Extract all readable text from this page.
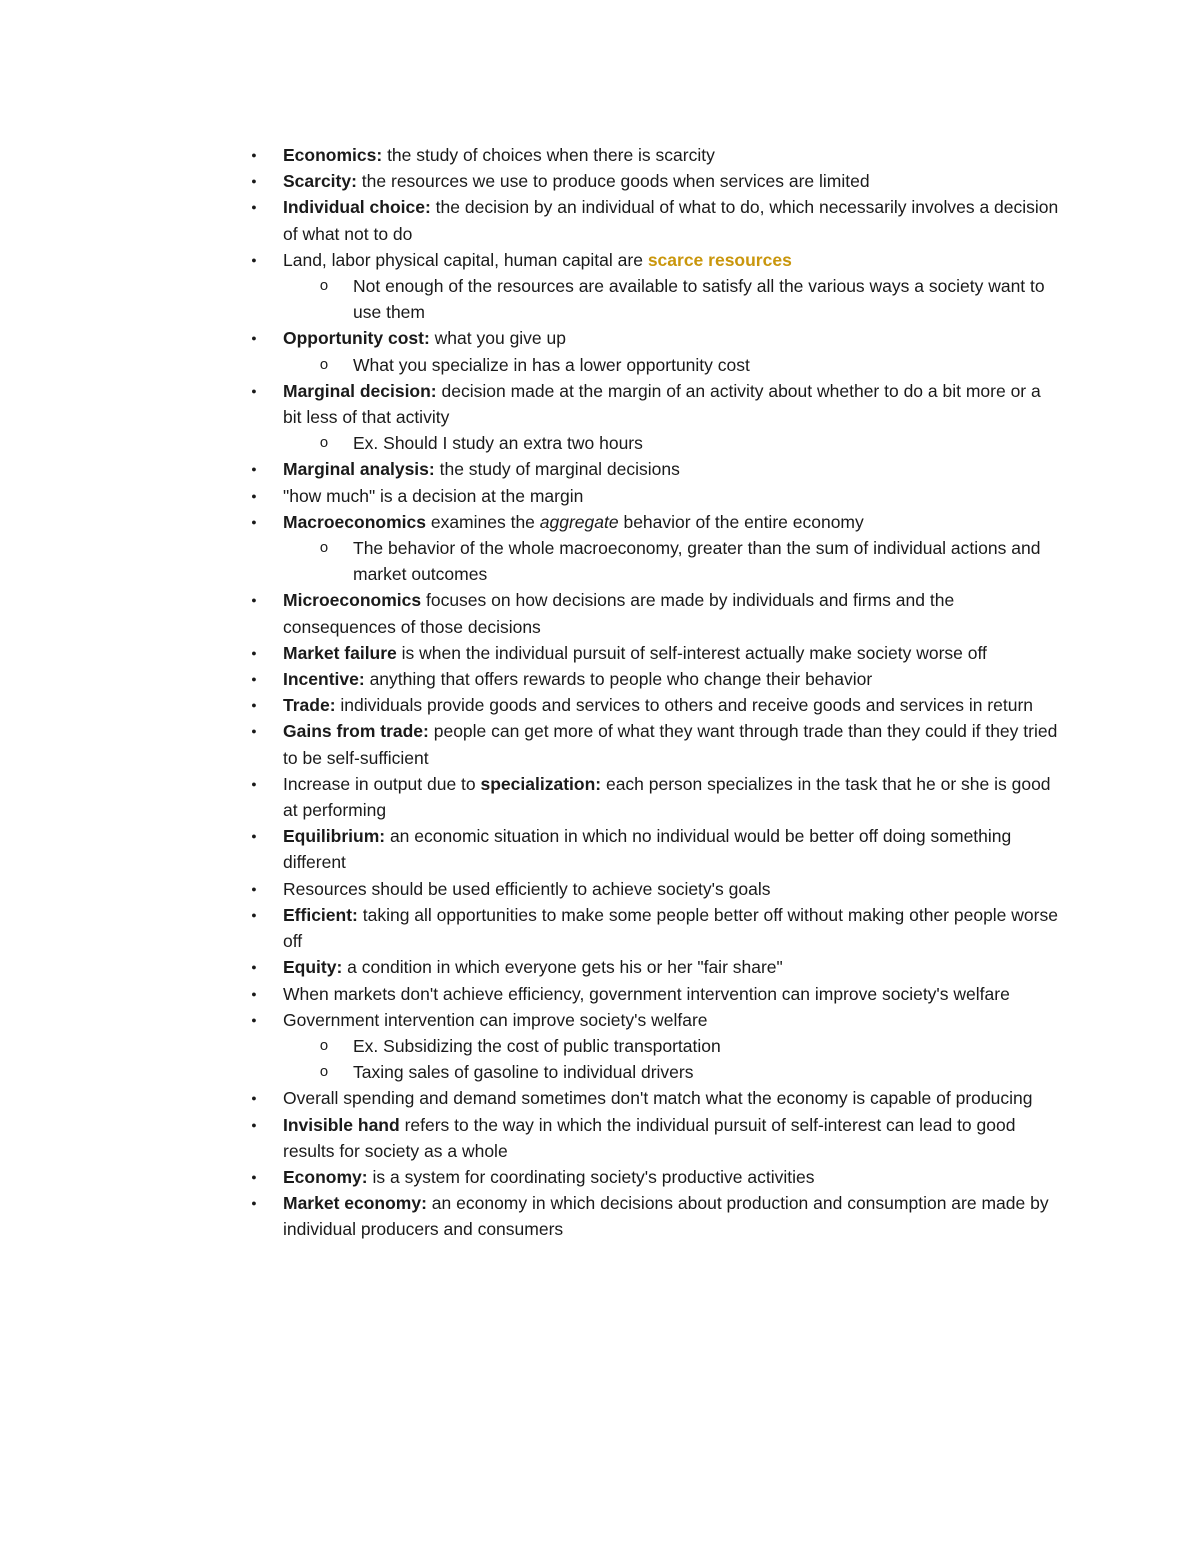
●
Economics: the study of choices when there is scarcity
●
Scarcity: the resources we use to produce goods when services are limited
●
Individual choice: the decision by an individual of what to do, which necessarily involves a decision of what not to do
●
Land, labor physical capital, human capital are scarce resources
o
Not enough of the resources are available to satisfy all the various ways a society want to use them
●
Opportunity cost: what you give up
o
What you specialize in has a lower opportunity cost
●
Marginal decision: decision made at the margin of an activity about whether to do a bit more or a bit less of that activity
o
Ex. Should I study an extra two hours
●
Marginal analysis: the study of marginal decisions
●
"how much" is a decision at the margin
●
Macroeconomics examines the aggregate behavior of the entire economy
o
The behavior of the whole macroeconomy, greater than the sum of individual actions and market outcomes
●
Microeconomics focuses on how decisions are made by individuals and firms and the consequences of those decisions
●
Market failure is when the individual pursuit of self-interest actually make society worse off
●
Incentive: anything that offers rewards to people who change their behavior
●
Trade: individuals provide goods and services to others and receive goods and services in return
●
Gains from trade: people can get more of what they want through trade than they could if they tried to be self-sufficient
●
Increase in output due to specialization: each person specializes in the task that he or she is good at performing
●
Equilibrium: an economic situation in which no individual would be better off doing something different
●
Resources should be used efficiently to achieve society's goals
●
Efficient: taking all opportunities to make some people better off without making other people worse off
●
Equity: a condition in which everyone gets his or her "fair share"
●
When markets don't achieve efficiency, government intervention can improve society's welfare
●
Government intervention can improve society's welfare
o
Ex. Subsidizing the cost of public transportation
o
Taxing sales of gasoline to individual drivers
●
Overall spending and demand sometimes don't match what the economy is capable of producing
●
Invisible hand refers to the way in which the individual pursuit of self-interest can lead to good results for society as a whole
●
Economy: is a system for coordinating society's productive activities
●
Market economy: an economy in which decisions about production and consumption are made by individual producers and consumers
